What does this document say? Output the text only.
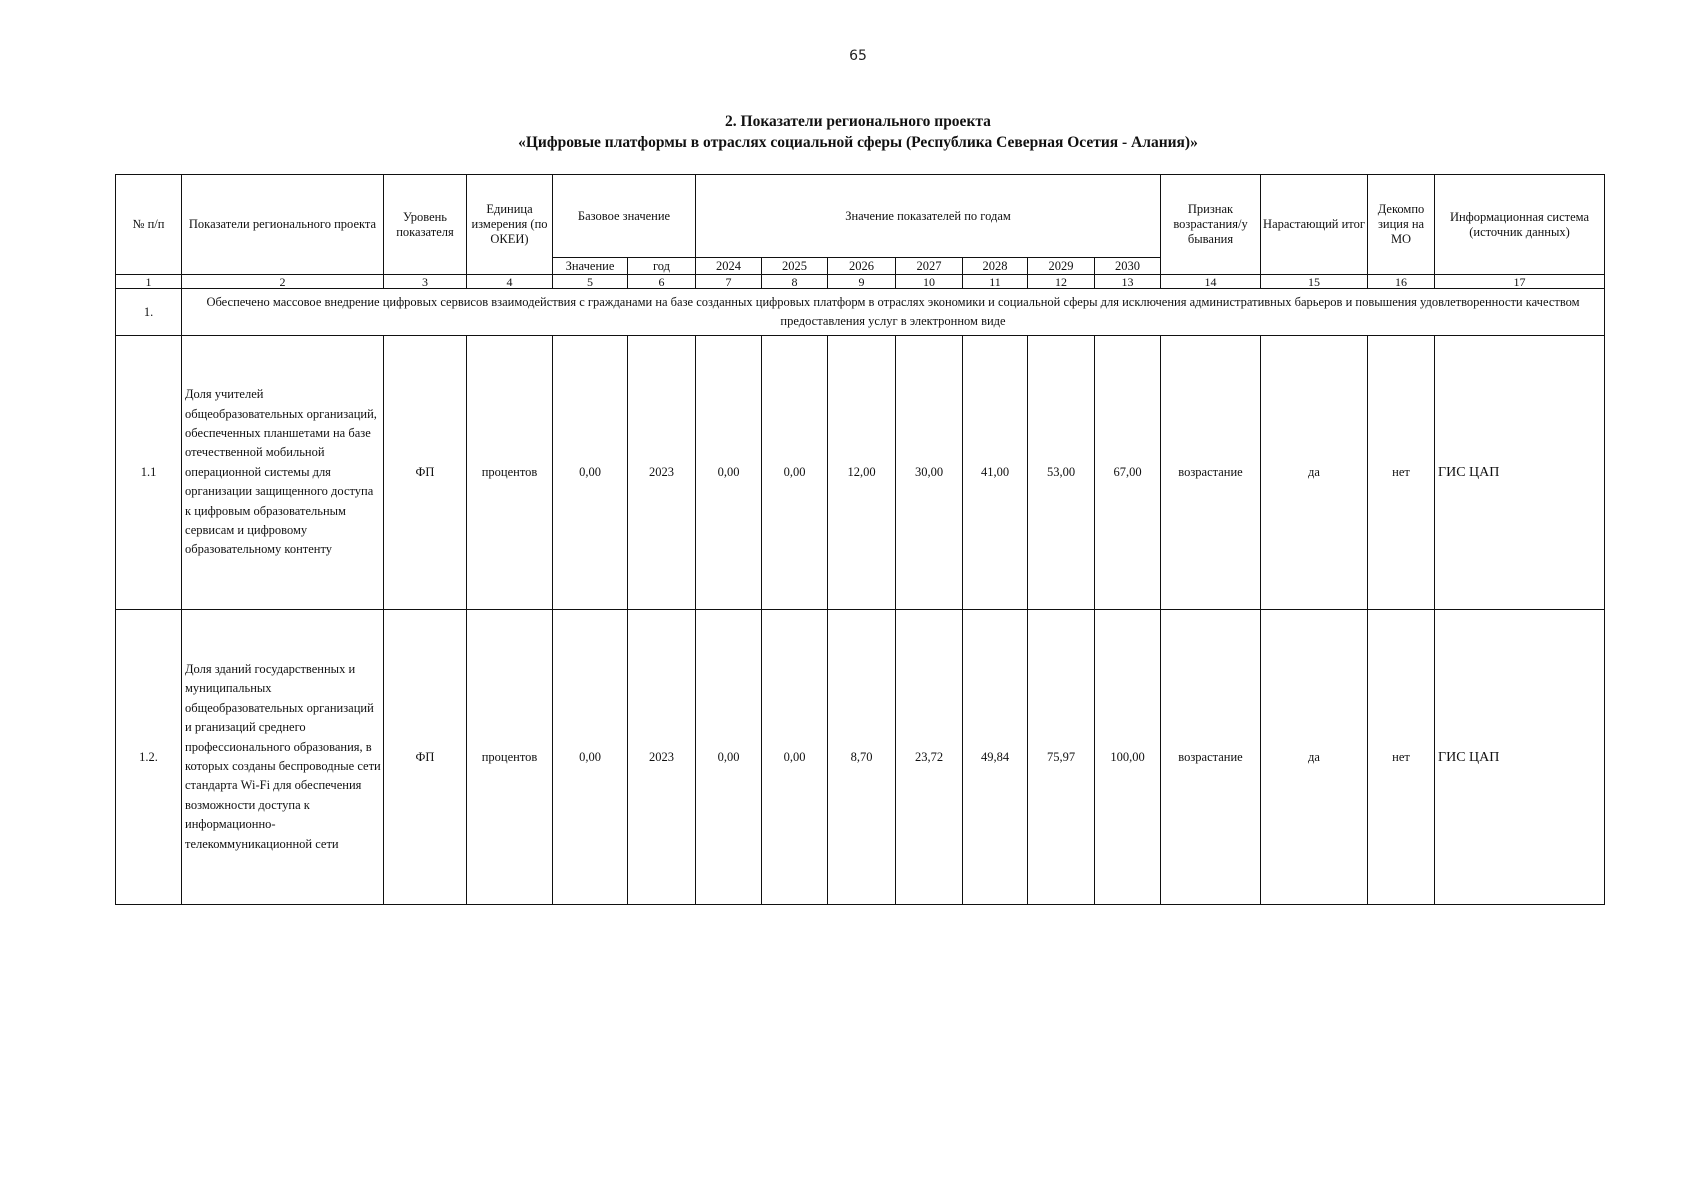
65
2. Показатели регионального проекта
«Цифровые платформы в отраслях социальной сферы (Республика Северная Осетия - Алания)»
№ п/п	Показатели регионального проекта	Уровень показателя	Единица измерения (по ОКЕИ)	Базовое значение		Значение показателей по годам							Признак возрастания/у бывания	Нарастающий итог	Декомпо зиция на МО	Информационная система (источник данных)
				Значение	год	2024	2025	2026	2027	2028	2029	2030				
1	2	3	4	5	6	7	8	9	10	11	12	13	14	15	16	17
1.	Обеспечено массовое внедрение цифровых сервисов взаимодействия с гражданами на базе созданных цифровых платформ в отраслях экономики и социальной сферы для исключения административных барьеров и повышения удовлетворенности качеством предоставления услуг в электронном виде															
1.1	Доля учителей общеобразовательных организаций, обеспеченных планшетами на базе отечественной мобильной операционной системы для организации защищенного доступа к цифровым образовательным сервисам и цифровому образовательному контенту	ФП	процентов	0,00	2023	0,00	0,00	12,00	30,00	41,00	53,00	67,00	возрастание	да	нет	ГИС ЦАП
1.2.	Доля зданий государственных и муниципальных общеобразовательных организаций и рганизаций среднего профессионального образования, в которых созданы беспроводные сети стандарта Wi-Fi для обеспечения возможности доступа к информационно-телекоммуникационной сети	ФП	процентов	0,00	2023	0,00	0,00	8,70	23,72	49,84	75,97	100,00	возрастание	да	нет	ГИС ЦАП
